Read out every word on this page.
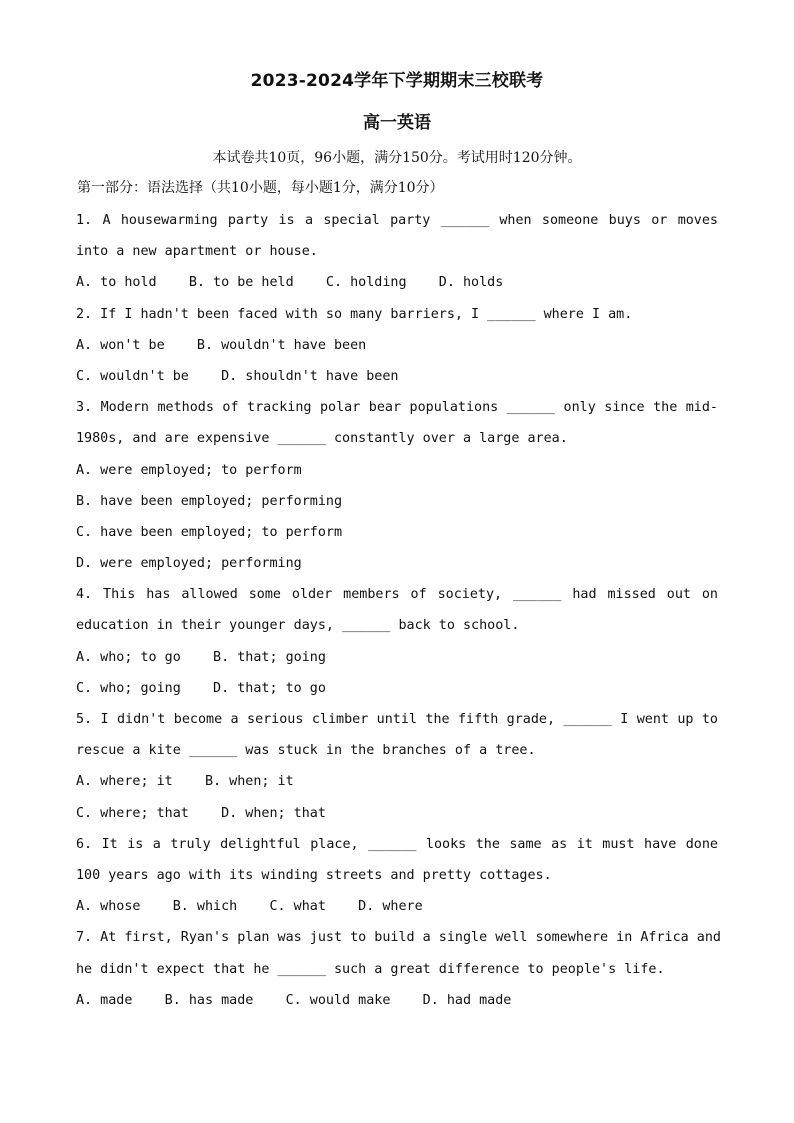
2023-2024学年下学期期末三校联考
高一英语
本试卷共10页，96小题，满分150分。考试用时120分钟。
第一部分：语法选择（共10小题，每小题1分，满分10分）
1. A housewarming party is a special party ______ when someone buys or moves
into a new apartment or house.
A. to hold    B. to be held    C. holding    D. holds
2. If I hadn't been faced with so many barriers, I ______ where I am.
A. won't be    B. wouldn't have been
C. wouldn't be    D. shouldn't have been
3. Modern methods of tracking polar bear populations ______ only since the mid-
1980s, and are expensive ______ constantly over a large area.
A. were employed; to perform
B. have been employed; performing
C. have been employed; to perform
D. were employed; performing
4. This has allowed some older members of society, ______ had missed out on
education in their younger days, ______ back to school.
A. who; to go    B. that; going
C. who; going    D. that; to go
5. I didn't become a serious climber until the fifth grade, ______ I went up to
rescue a kite ______ was stuck in the branches of a tree.
A. where; it    B. when; it
C. where; that    D. when; that
6. It is a truly delightful place, ______ looks the same as it must have done
100 years ago with its winding streets and pretty cottages.
A. whose    B. which    C. what    D. where
7. At first, Ryan's plan was just to build a single well somewhere in Africa and
he didn't expect that he ______ such a great difference to people's life.
A. made    B. has made    C. would make    D. had made
